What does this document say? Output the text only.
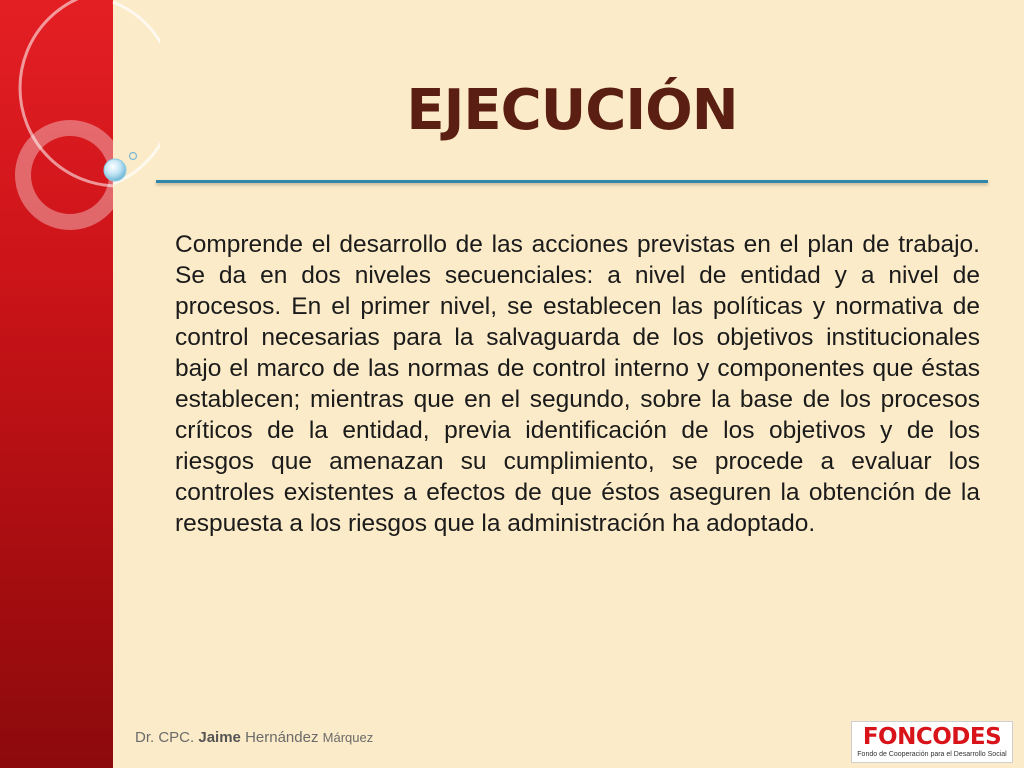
EJECUCIÓN

Comprende el desarrollo de las acciones previstas en el plan de trabajo. Se da en dos niveles secuenciales: a nivel de entidad y a nivel de procesos. En el primer nivel, se establecen las políticas y normativa de control necesarias para la salvaguarda de los objetivos institucionales bajo el marco de las normas de control interno y componentes que éstas establecen; mientras que en el segundo, sobre la base de los procesos críticos de la entidad, previa identificación de los objetivos y de los riesgos que amenazan su cumplimiento, se procede a evaluar los controles existentes a efectos de que éstos aseguren la obtención de la respuesta a los riesgos que la administración ha adoptado.

Dr. CPC. Jaime Hernández Márquez	FONCODES
Fondo de Cooperación para el Desarrollo Social
